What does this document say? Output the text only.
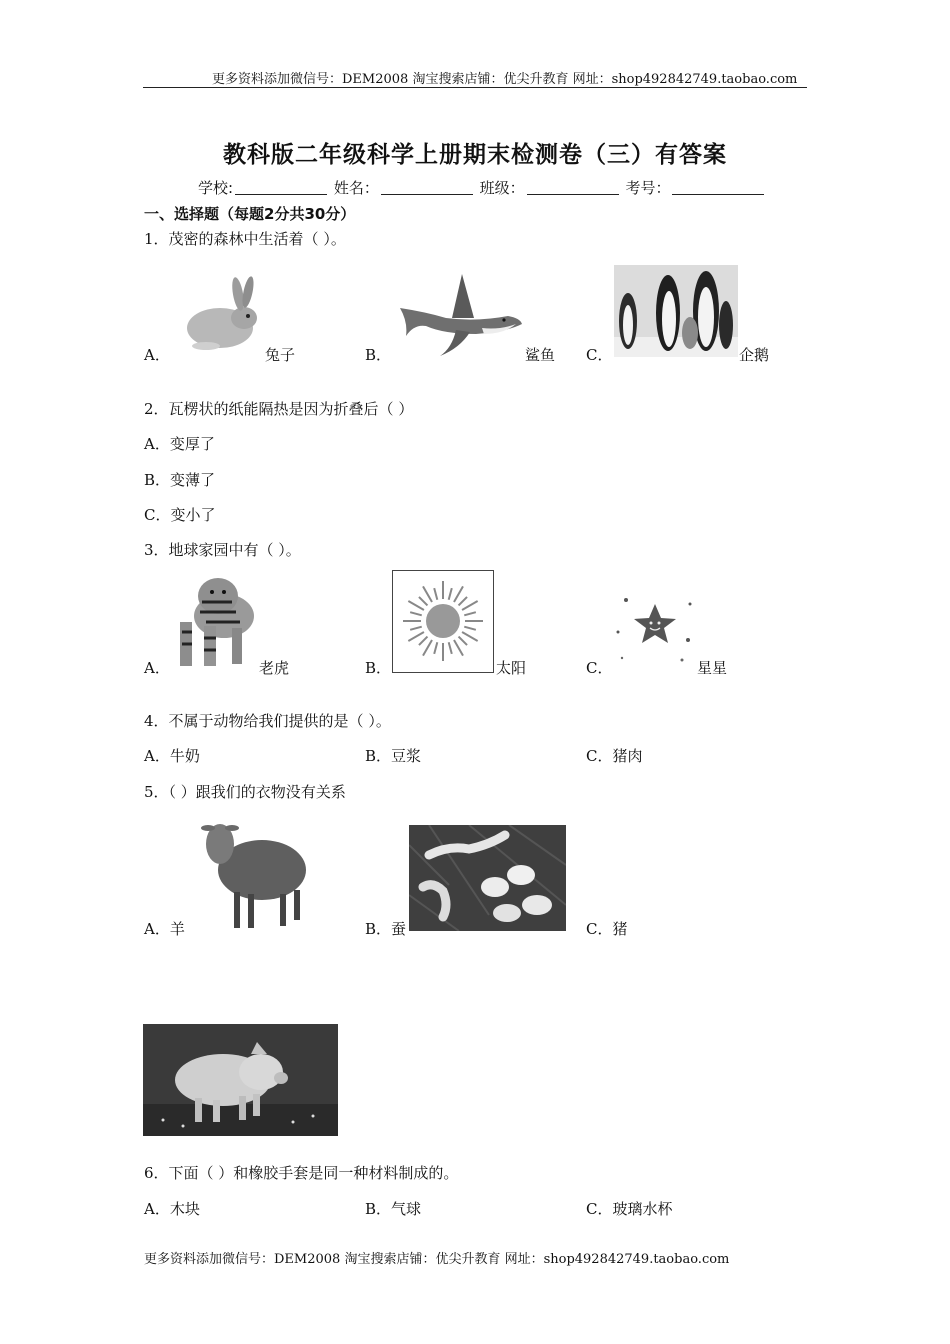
更多资料添加微信号：DEM2008 淘宝搜索店铺：优尖升教育 网址：shop492842749.taobao.com
教科版二年级科学上册期末检测卷（三）有答案
学校:	姓名：	班级：	考号：
一、选择题（每题2分共30分）
1．茂密的森林中生活着（ ）。
A．	兔子	B．	鲨鱼 C．	企鹅
2．瓦楞状的纸能隔热是因为折叠后（ ）
A．变厚了
B．变薄了
C．变小了
3．地球家园中有（ ）。
A．	老虎	B．	太阳	C．	星星
4．不属于动物给我们提供的是（ ）。
A．牛奶	B．豆浆	C．猪肉
5．（ ）跟我们的衣物没有关系
A．羊	B．蚕	C．猪
6．下面（ ）和橡胶手套是同一种材料制成的。
A．木块	B．气球	C．玻璃水杯
更多资料添加微信号：DEM2008 淘宝搜索店铺：优尖升教育 网址：shop492842749.taobao.com
